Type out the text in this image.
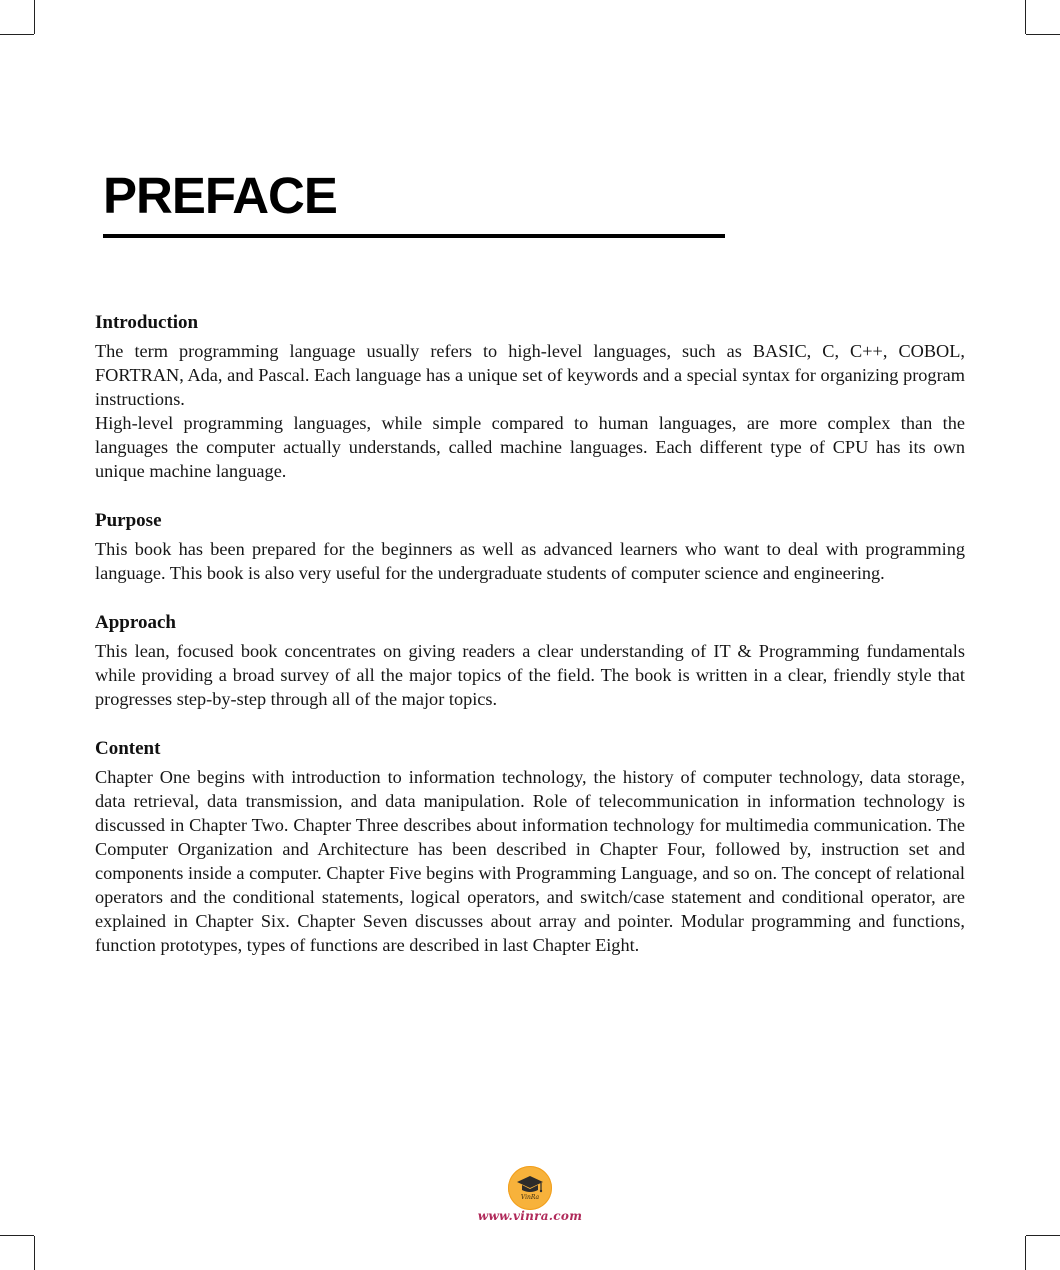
PREFACE
Introduction

The term programming language usually refers to high-level languages, such as BASIC, C, C++, COBOL, FORTRAN, Ada, and Pascal. Each language has a unique set of keywords and a special syntax for organizing program instructions.

High-level programming languages, while simple compared to human languages, are more complex than the languages the computer actually understands, called machine languages. Each different type of CPU has its own unique machine language.

Purpose

This book has been prepared for the beginners as well as advanced learners who want to deal with programming language. This book is also very useful for the undergraduate students of computer science and engineering.

Approach

This lean, focused book concentrates on giving readers a clear understanding of IT & Programming fundamentals while providing a broad survey of all the major topics of the field. The book is written in a clear, friendly style that progresses step-by-step through all of the major topics.

Content

Chapter One begins with introduction to information technology, the history of computer technology, data storage, data retrieval, data transmission, and data manipulation. Role of telecommunication in information technology is discussed in Chapter Two. Chapter Three describes about information technology for multimedia communication. The Computer Organization and Architecture has been described in Chapter Four, followed by, instruction set and components inside a computer. Chapter Five begins with Programming Language, and so on. The concept of relational operators and the conditional statements, logical operators, and switch/case statement and conditional operator, are explained in Chapter Six. Chapter Seven discusses about array and pointer. Modular programming and functions, function prototypes, types of functions are described in last Chapter Eight.

VinRa
www.vinra.com
